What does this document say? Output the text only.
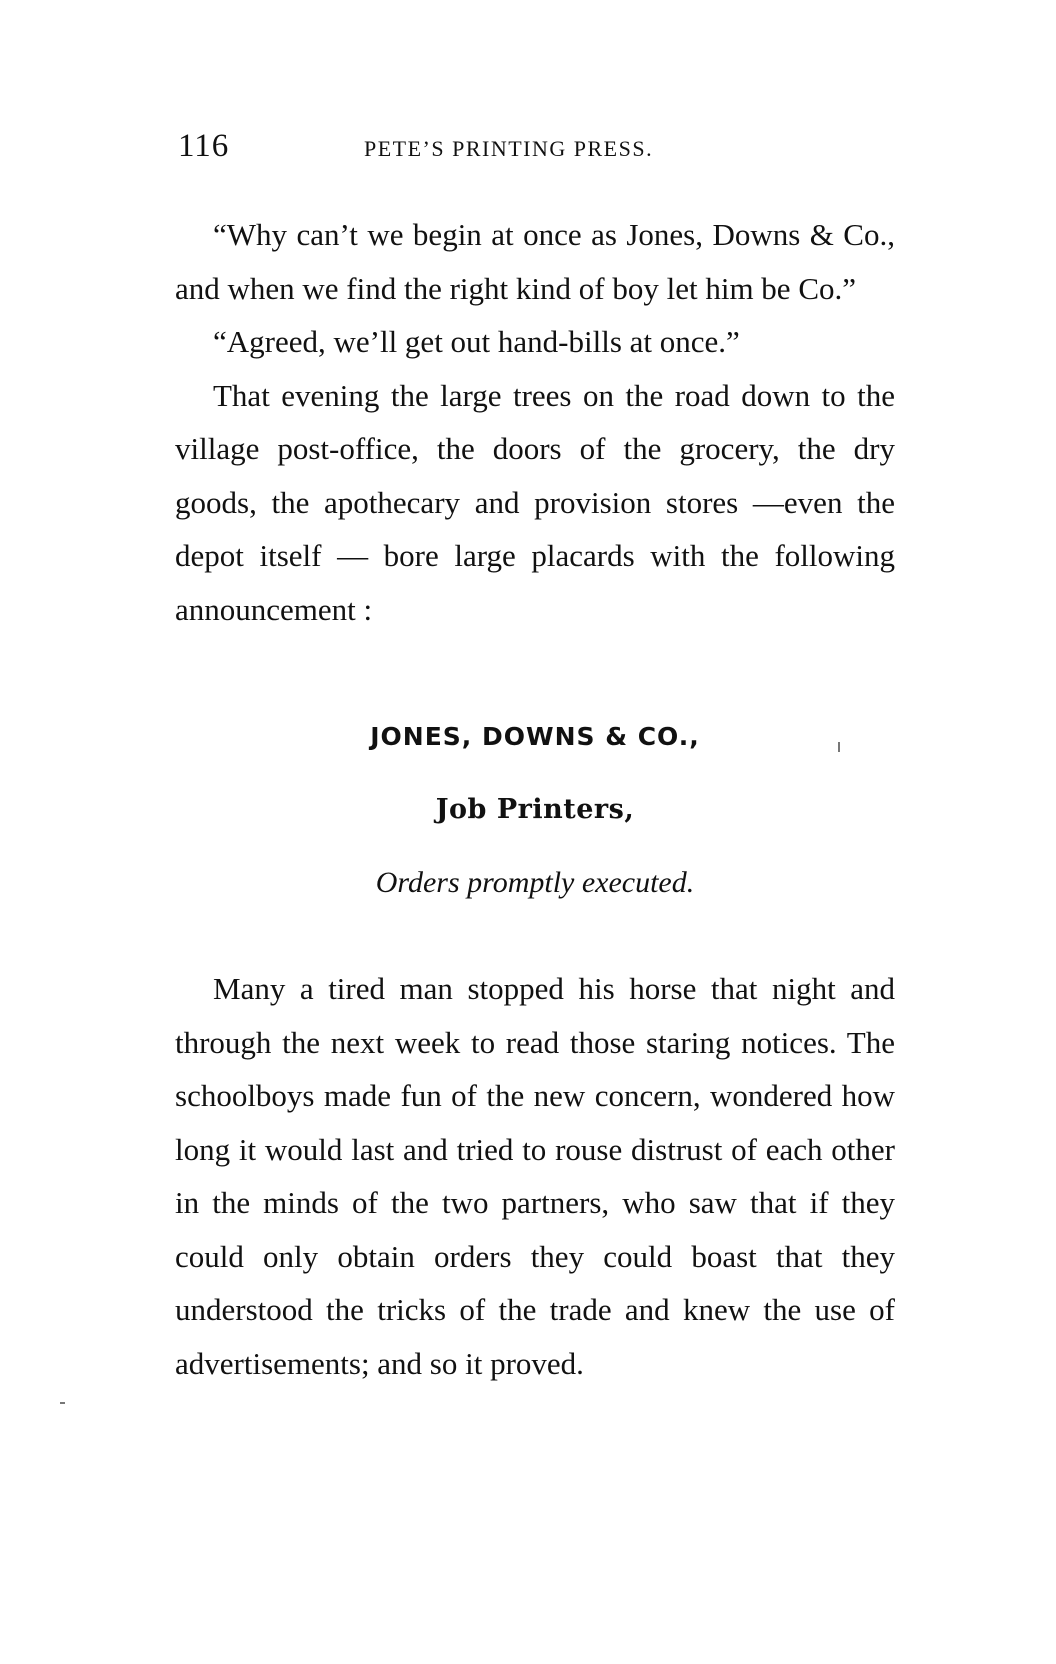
116	PETE’S PRINTING PRESS.

“Why can’t we begin at once as Jones, Downs & Co., and when we find the right kind of boy let him be Co.”

“Agreed, we’ll get out hand-bills at once.”

That evening the large trees on the road down to the village post-office, the doors of the grocery, the dry goods, the apothecary and provision stores —even the depot itself — bore large placards with the following announcement :

JONES, DOWNS & CO.,
Job Printers,
Orders promptly executed.

Many a tired man stopped his horse that night and through the next week to read those staring notices. The schoolboys made fun of the new concern, wondered how long it would last and tried to rouse distrust of each other in the minds of the two partners, who saw that if they could only obtain orders they could boast that they understood the tricks of the trade and knew the use of advertisements; and so it proved.
